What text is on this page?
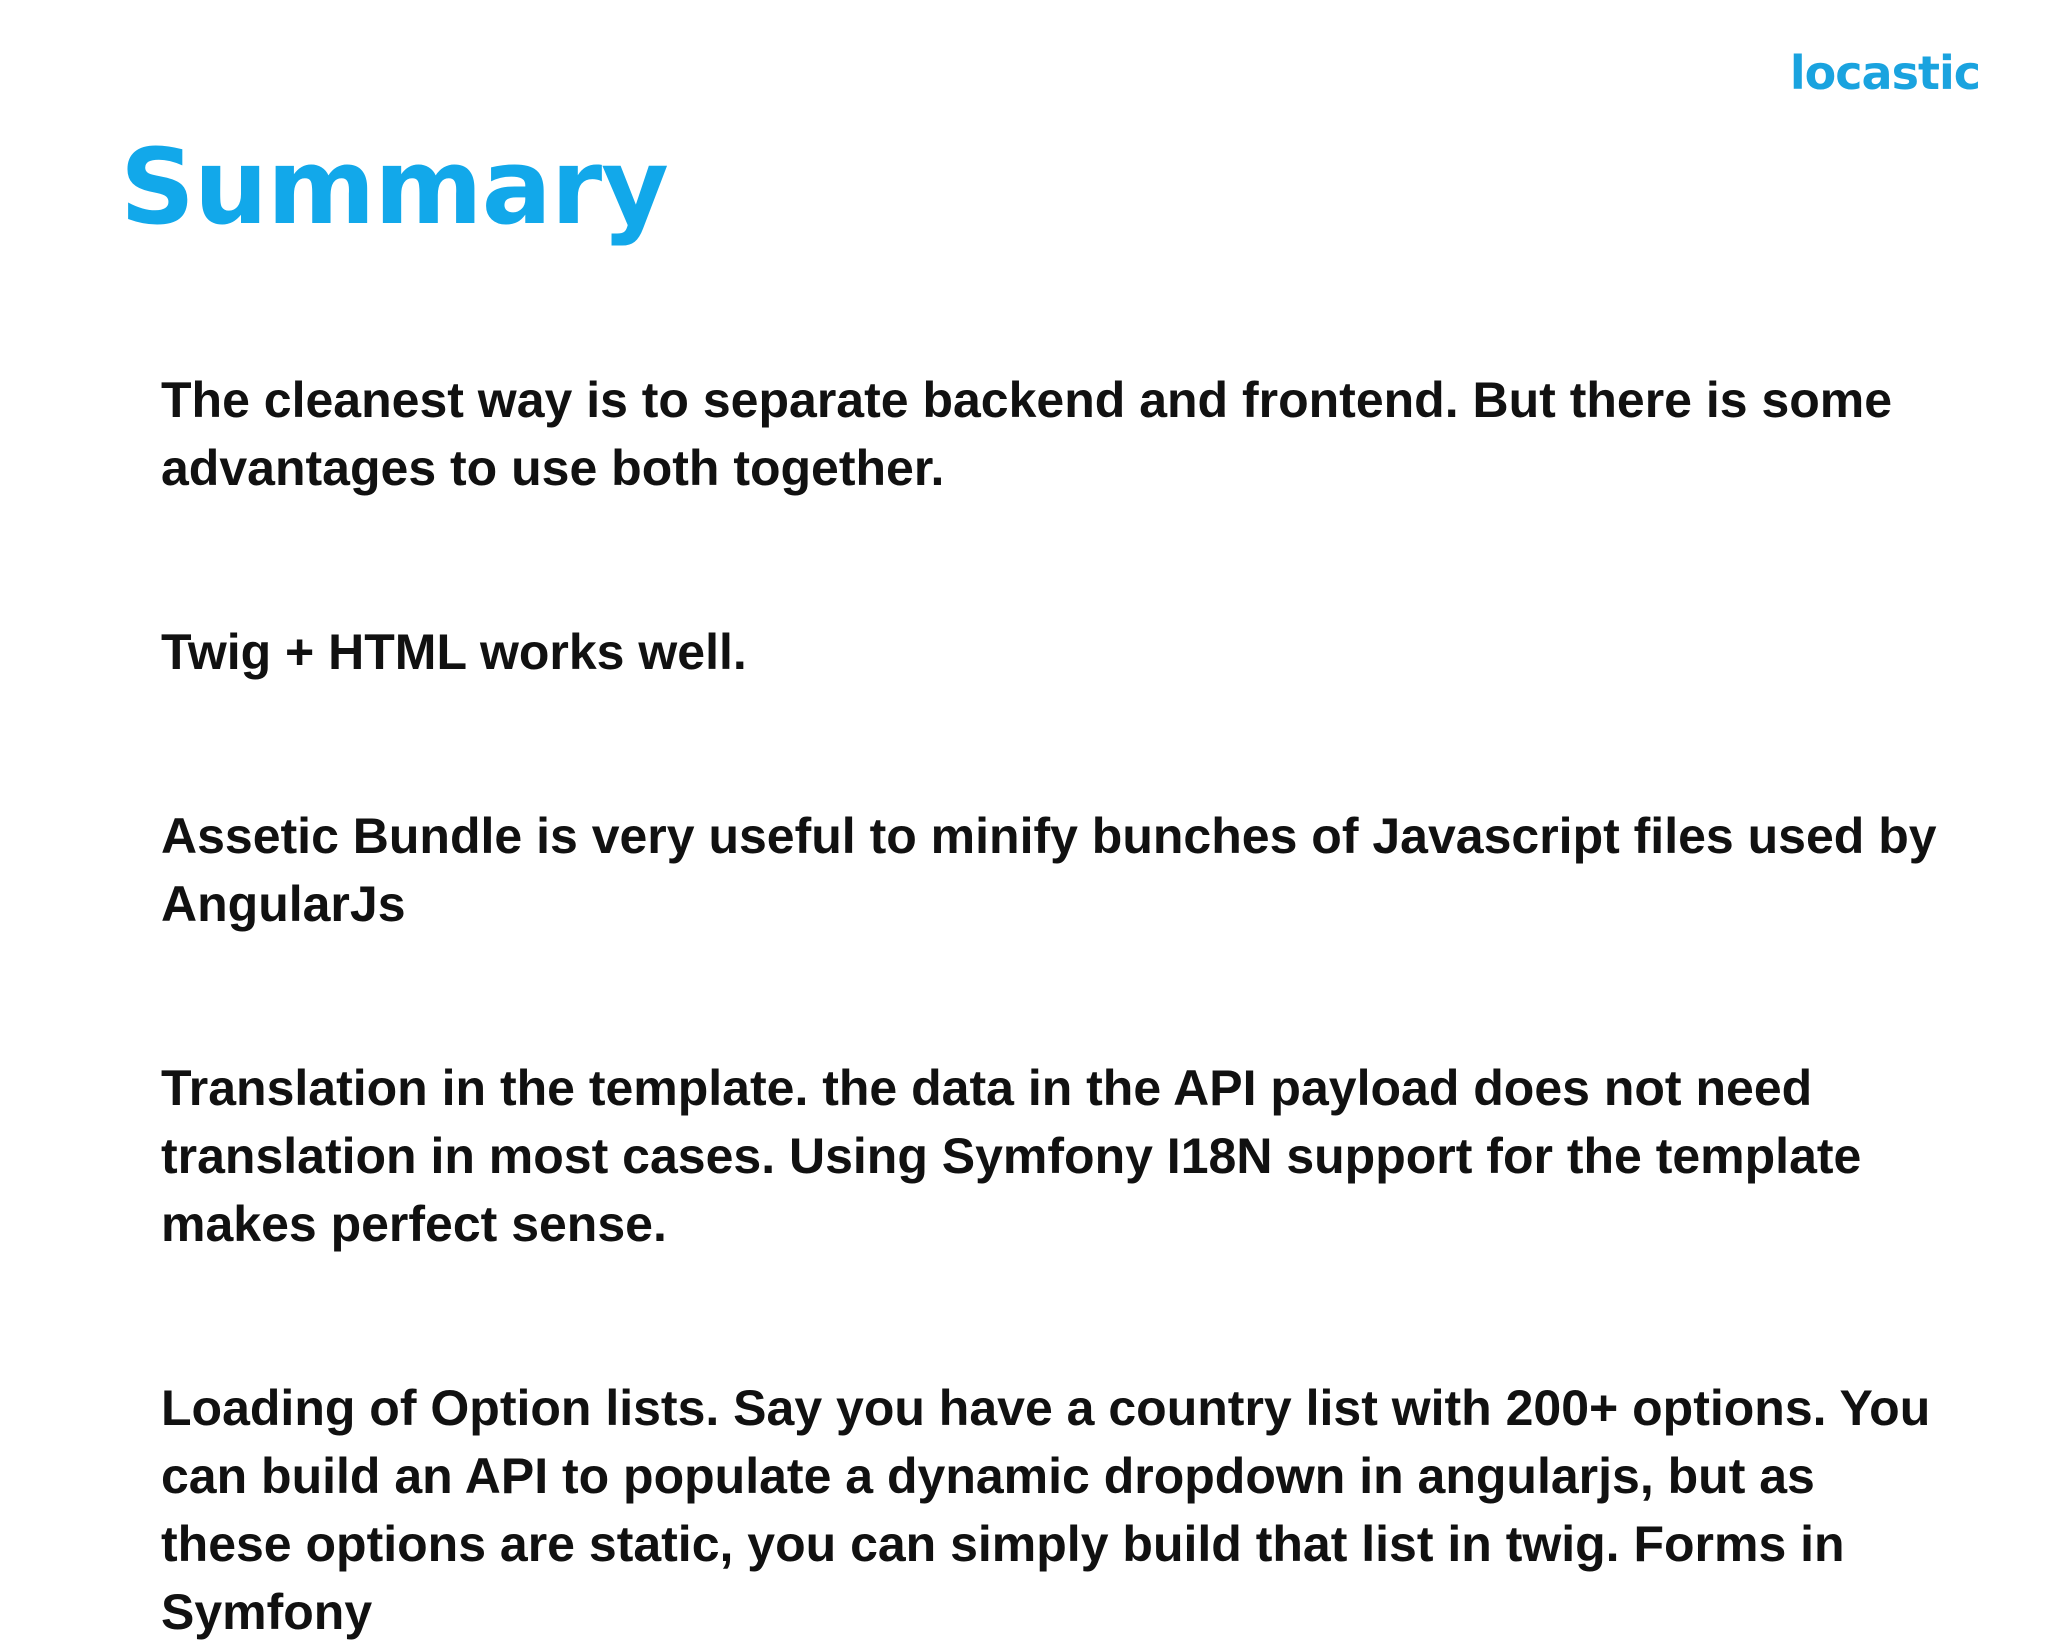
locastic
Summary

The cleanest way is to separate backend and frontend. But there is some advantages to use both together.

Twig + HTML works well.

Assetic Bundle is very useful to minify bunches of Javascript files used by AngularJs

Translation in the template. the data in the API payload does not need translation in most cases. Using Symfony I18N support for the template makes perfect sense.

Loading of Option lists. Say you have a country list with 200+ options. You can build an API to populate a dynamic dropdown in angularjs, but as these options are static, you can simply build that list in twig. Forms in Symfony
